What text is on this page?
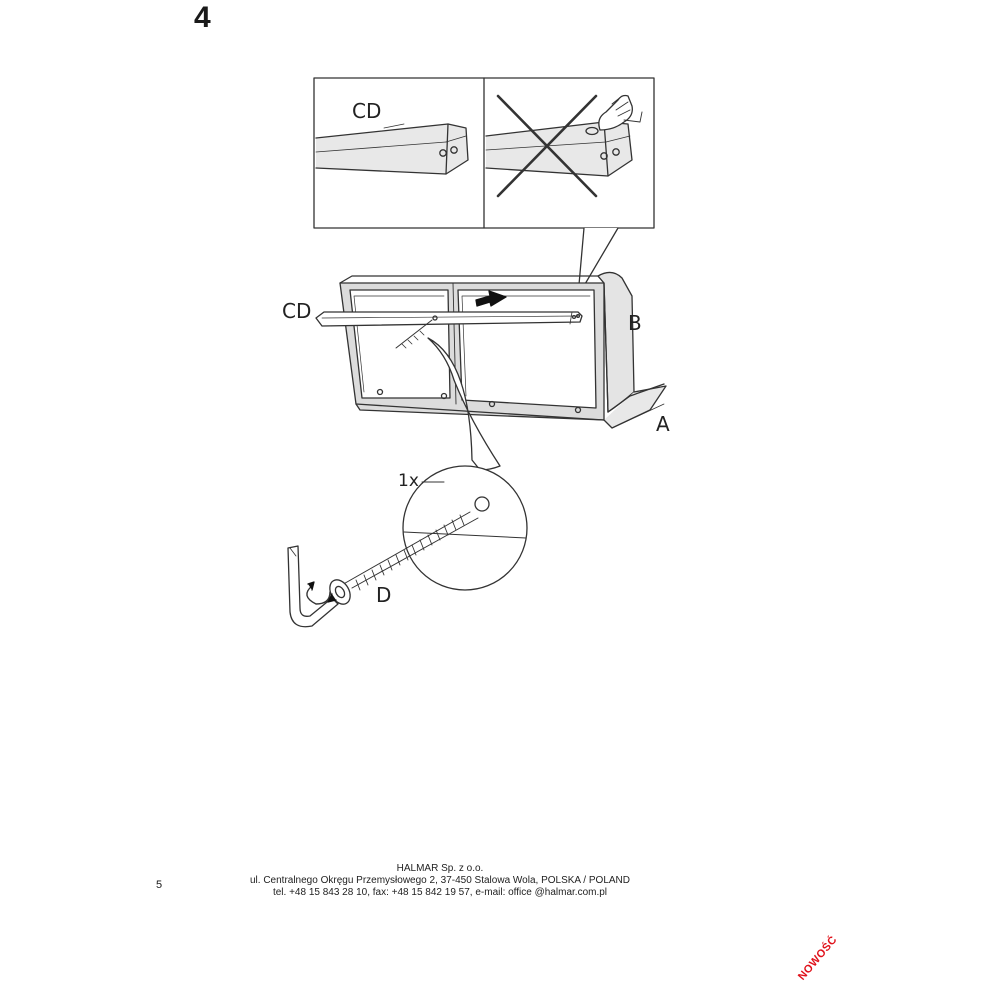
4
CD
CD	B
A
1x
D
5
HALMAR Sp. z o.o.
ul. Centralnego Okręgu Przemysłowego 2, 37-450 Stalowa Wola, POLSKA / POLAND
tel. +48 15 843 28 10, fax: +48 15 842 19 57, e-mail: office @halmar.com.pl
NOWOŚĆ
